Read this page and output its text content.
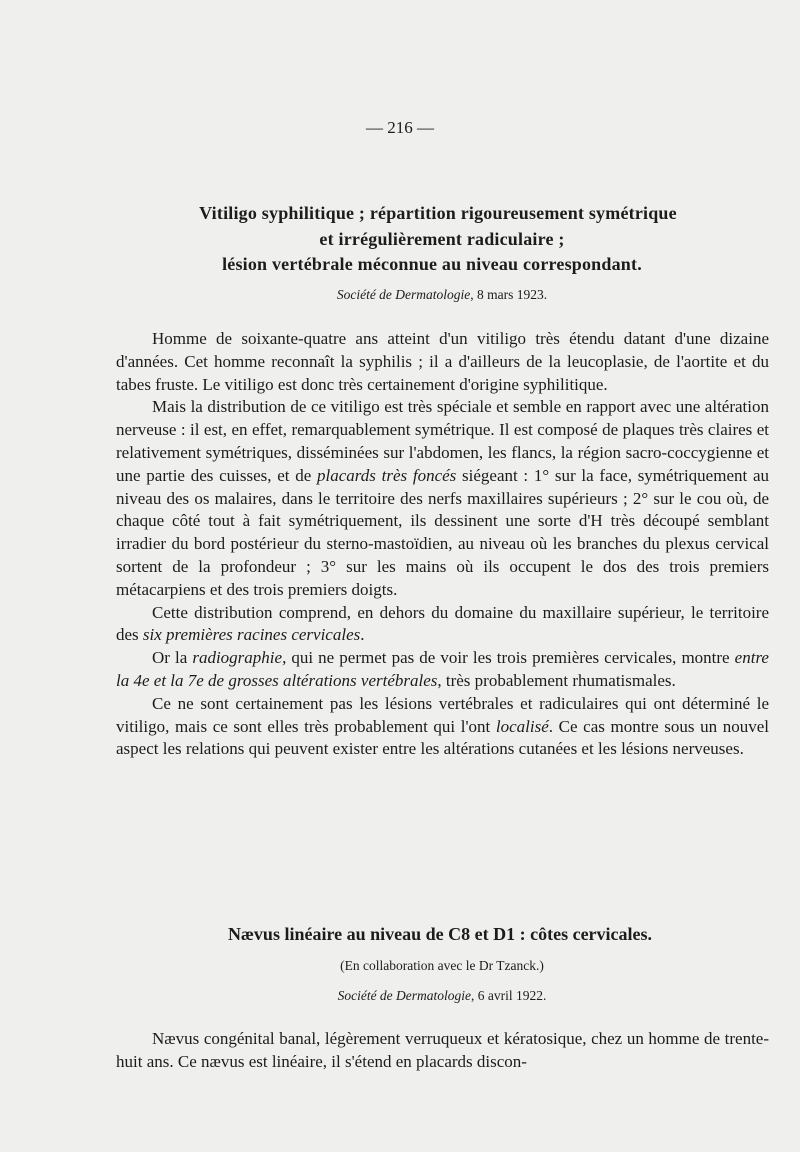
— 216 —
Vitiligo syphilitique ; répartition rigoureusement symétrique
et irrégulièrement radiculaire ;
lésion vertébrale méconnue au niveau correspondant.
Société de Dermatologie, 8 mars 1923.

Homme de soixante-quatre ans atteint d'un vitiligo très étendu datant d'une dizaine d'années. Cet homme reconnaît la syphilis ; il a d'ailleurs de la leucoplasie, de l'aortite et du tabes fruste. Le vitiligo est donc très certainement d'origine syphilitique.

Mais la distribution de ce vitiligo est très spéciale et semble en rapport avec une altération nerveuse : il est, en effet, remarquablement symétrique. Il est composé de plaques très claires et relativement symétriques, disséminées sur l'abdomen, les flancs, la région sacro-coccygienne et une partie des cuisses, et de placards très foncés siégeant : 1° sur la face, symétriquement au niveau des os malaires, dans le territoire des nerfs maxillaires supérieurs ; 2° sur le cou où, de chaque côté tout à fait symétriquement, ils dessinent une sorte d'H très découpé semblant irradier du bord postérieur du sterno-mastoïdien, au niveau où les branches du plexus cervical sortent de la profondeur ; 3° sur les mains où ils occupent le dos des trois premiers métacarpiens et des trois premiers doigts.

Cette distribution comprend, en dehors du domaine du maxillaire supérieur, le territoire des six premières racines cervicales.

Or la radiographie, qui ne permet pas de voir les trois premières cervicales, montre entre la 4e et la 7e de grosses altérations vertébrales, très probablement rhumatismales.

Ce ne sont certainement pas les lésions vertébrales et radiculaires qui ont déterminé le vitiligo, mais ce sont elles très probablement qui l'ont localisé. Ce cas montre sous un nouvel aspect les relations qui peuvent exister entre les altérations cutanées et les lésions nerveuses.

Nævus linéaire au niveau de C8 et D1 : côtes cervicales.
(En collaboration avec le Dr Tzanck.)
Société de Dermatologie, 6 avril 1922.

Nævus congénital banal, légèrement verruqueux et kératosique, chez un homme de trente-huit ans. Ce nævus est linéaire, il s'étend en placards discon-
